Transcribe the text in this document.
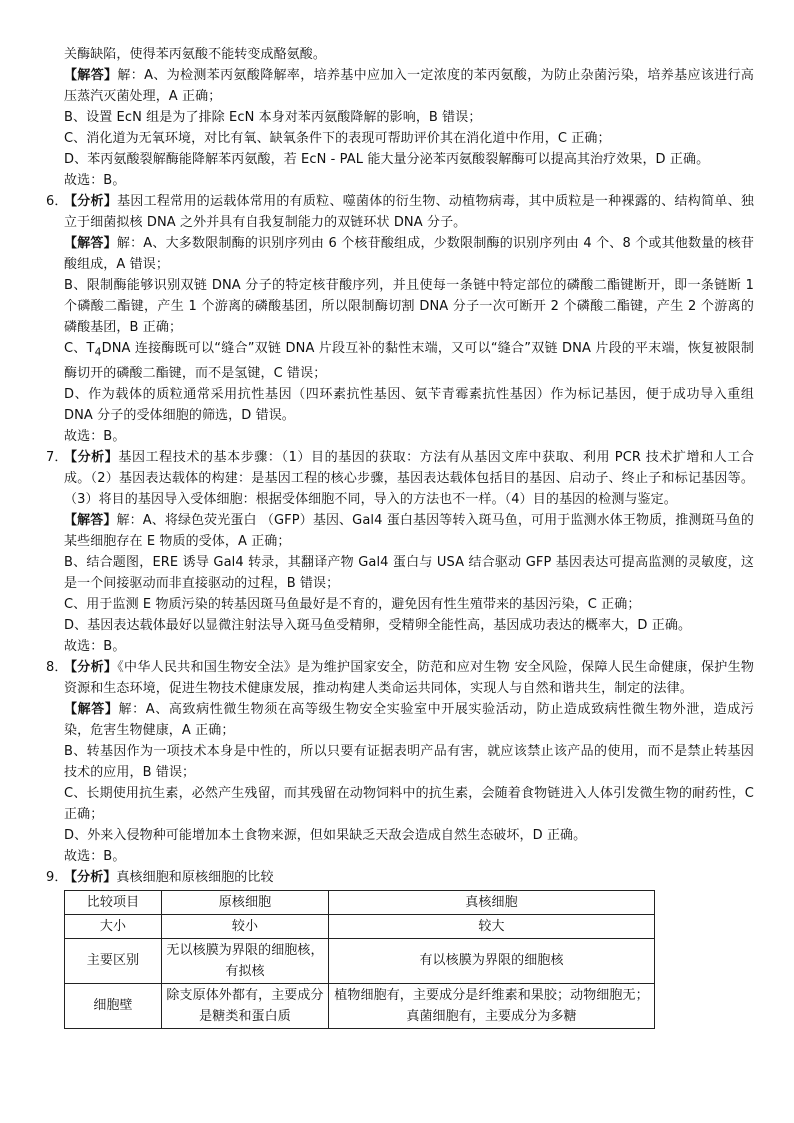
关酶缺陷，使得苯丙氨酸不能转变成酪氨酸。

【解答】解：A、为检测苯丙氨酸降解率，培养基中应加入一定浓度的苯丙氨酸，为防止杂菌污染，培养基应该进行高压蒸汽灭菌处理，A 正确；

B、设置 EcN 组是为了排除 EcN 本身对苯丙氨酸降解的影响，B 错误；

C、消化道为无氧环境，对比有氧、缺氧条件下的表现可帮助评价其在消化道中作用，C 正确；

D、苯丙氨酸裂解酶能降解苯丙氨酸，若 EcN - PAL 能大量分泌苯丙氨酸裂解酶可以提高其治疗效果，D 正确。

故选：B。

6．

【分析】基因工程常用的运载体常用的有质粒、噬菌体的衍生物、动植物病毒，其中质粒是一种裸露的、结构简单、独立于细菌拟核 DNA 之外并具有自我复制能力的双链环状 DNA 分子。

【解答】解：A、大多数限制酶的识别序列由 6 个核苷酸组成，少数限制酶的识别序列由 4 个、8 个或其他数量的核苷酸组成，A 错误；

B、限制酶能够识别双链 DNA 分子的特定核苷酸序列，并且使每一条链中特定部位的磷酸二酯键断开，即一条链断 1 个磷酸二酯键，产生 1 个游离的磷酸基团，所以限制酶切割 DNA 分子一次可断开 2 个磷酸二酯键，产生 2 个游离的磷酸基团，B 正确；

C、$T_4DNA$ 连接酶既可以“缝合”双链 DNA 片段互补的黏性末端，又可以“缝合”双链 DNA 片段的平末端，恢复被限制酶切开的磷酸二酯键，而不是氢键，C 错误；

D、作为载体的质粒通常采用抗性基因（四环素抗性基因、氨苄青霉素抗性基因）作为标记基因，便于成功导入重组 DNA 分子的受体细胞的筛选，D 错误。

故选：B。

7．

【分析】基因工程技术的基本步骤：（1）目的基因的获取：方法有从基因文库中获取、利用 PCR 技术扩增和人工合成。（2）基因表达载体的构建：是基因工程的核心步骤，基因表达载体包括目的基因、启动子、终止子和标记基因等。（3）将目的基因导入受体细胞：根据受体细胞不同，导入的方法也不一样。（4）目的基因的检测与鉴定。

【解答】解：A、将绿色荧光蛋白 （GFP）基因、Gal4 蛋白基因等转入斑马鱼，可用于监测水体王物质，推测斑马鱼的某些细胞存在 E 物质的受体，A 正确；

B、结合题图，ERE 诱导 Gal4 转录，其翻译产物 Gal4 蛋白与 USA 结合驱动 GFP 基因表达可提高监测的灵敏度，这是一个间接驱动而非直接驱动的过程，B 错误；

C、用于监测 E 物质污染的转基因斑马鱼最好是不育的，避免因有性生殖带来的基因污染，C 正确；

D、基因表达载体最好以显微注射法导入斑马鱼受精卵，受精卵全能性高，基因成功表达的概率大，D 正确。

故选：B。

8．

【分析】《中华人民共和国生物安全法》是为维护国家安全，防范和应对生物 安全风险，保障人民生命健康，保护生物资源和生态环境，促进生物技术健康发展，推动构建人类命运共同体，实现人与自然和谐共生，制定的法律。

【解答】解：A、高致病性微生物须在高等级生物安全实验室中开展实验活动，防止造成致病性微生物外泄，造成污染，危害生物健康，A 正确；

B、转基因作为一项技术本身是中性的，所以只要有证据表明产品有害，就应该禁止该产品的使用，而不是禁止转基因技术的应用，B 错误；

C、长期使用抗生素，必然产生残留，而其残留在动物饲料中的抗生素，会随着食物链进入人体引发微生物的耐药性，C 正确；

D、外来入侵物种可能增加本土食物来源，但如果缺乏天敌会造成自然生态破坏，D 正确。

故选：B。

9．

【分析】真核细胞和原核细胞的比较

比较项目	原核细胞	真核细胞
大小	较小	较大
主要区别	无以核膜为界限的细胞核，有拟核	有以核膜为界限的细胞核
细胞壁	除支原体外都有，主要成分是糖类和蛋白质	植物细胞有，主要成分是纤维素和果胶；动物细胞无；真菌细胞有，主要成分为多糖
